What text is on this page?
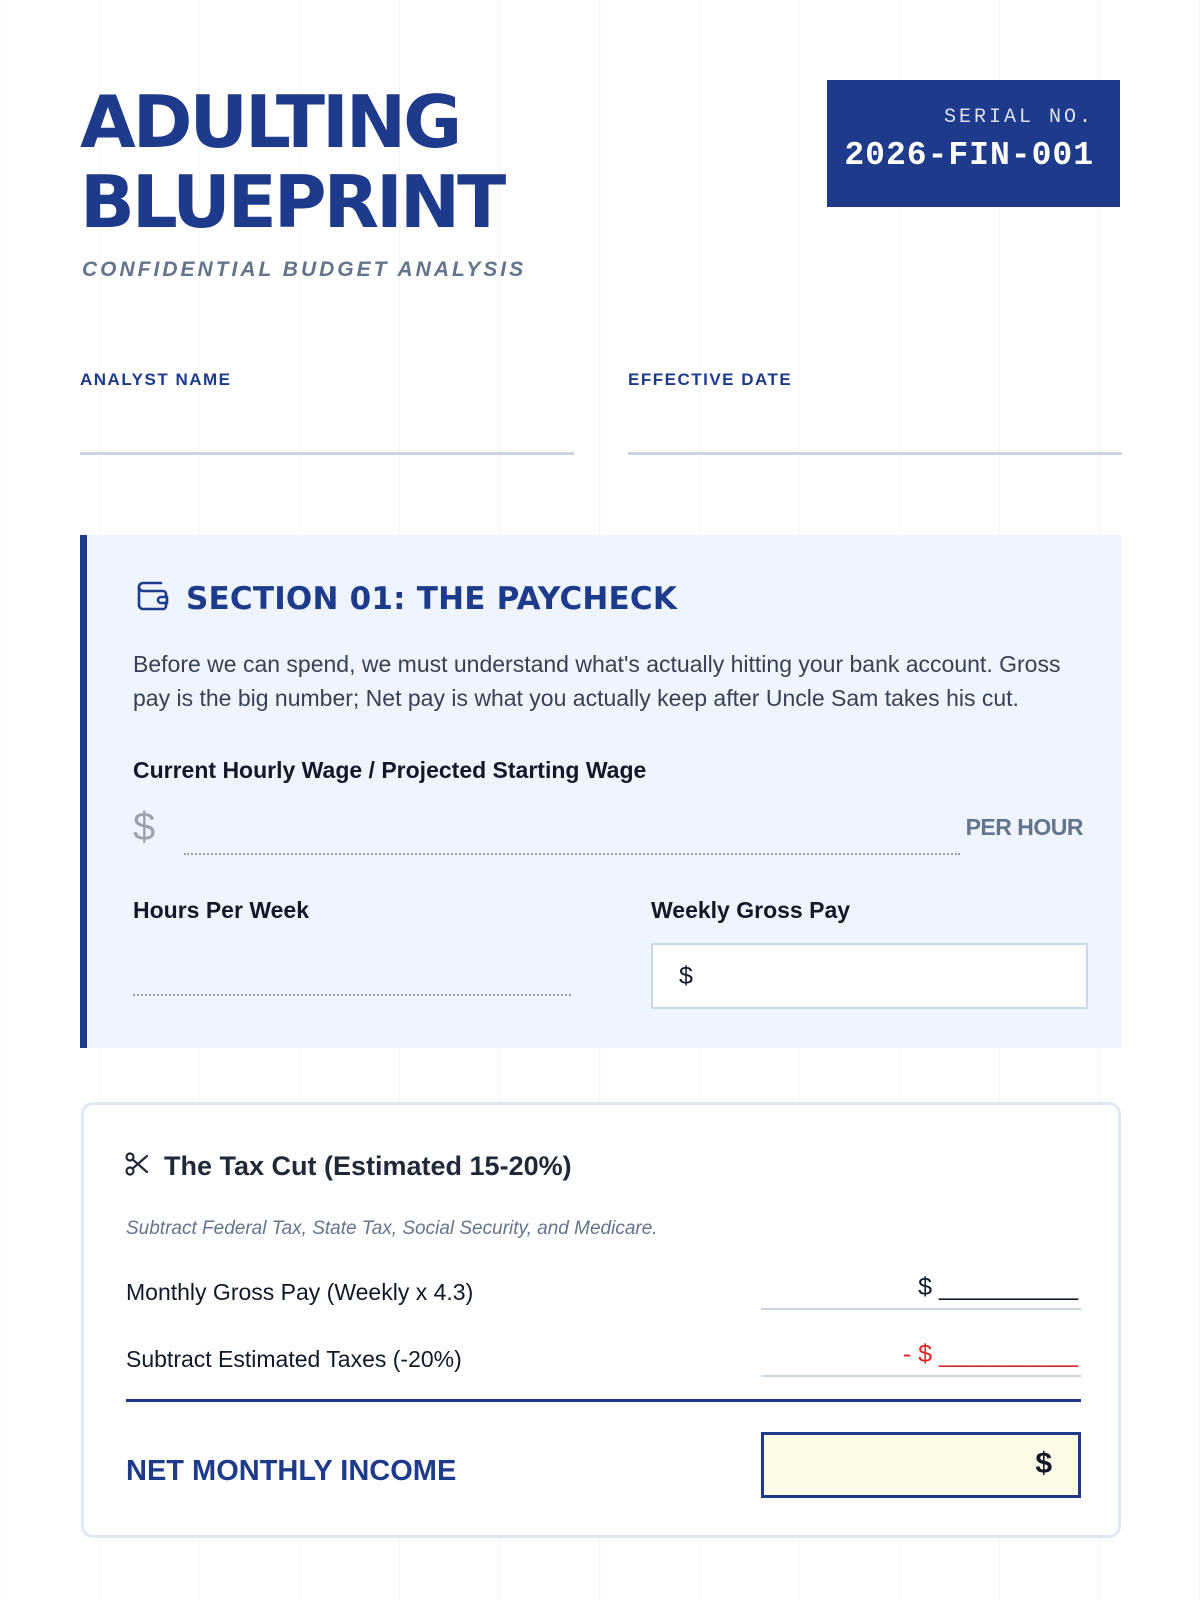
ADULTING
BLUEPRINT
CONFIDENTIAL BUDGET ANALYSIS
SERIAL NO.
2026-FIN-001
ANALYST NAME	EFFECTIVE DATE
SECTION 01: THE PAYCHECK

Before we can spend, we must understand what's actually hitting your bank account. Gross pay is the big number; Net pay is what you actually keep after Uncle Sam takes his cut.

Current Hourly Wage / Projected Starting Wage
$	PER HOUR
Hours Per Week	Weekly Gross Pay
$
The Tax Cut (Estimated 15-20%)
Subtract Federal Tax, State Tax, Social Security, and Medicare.
Monthly Gross Pay (Weekly x 4.3)	$ __________
Subtract Estimated Taxes (-20%)	- $ __________
NET MONTHLY INCOME	$
